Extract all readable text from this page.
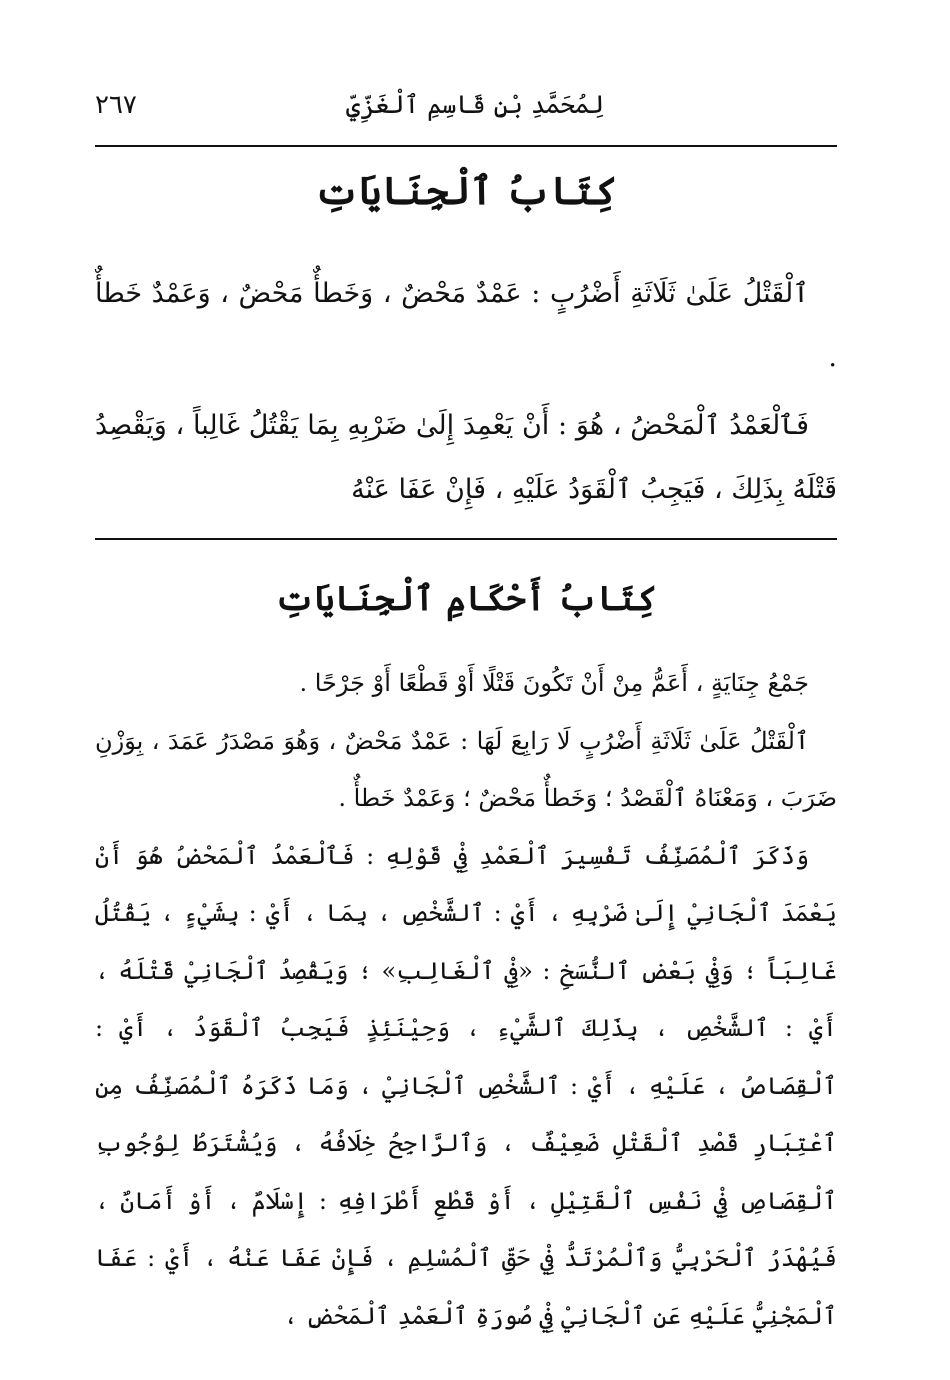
لِمُحَمَّدِ بْنِ قَاسِمِ ٱلْغَزِّيِّ
٢٦٧
كِتَابُ ٱلْجِنَايَاتِ

ٱلْقَتْلُ عَلَىٰ ثَلَاثَةِ أَضْرُبٍ : عَمْدٌ مَحْضٌ ، وَخَطأٌ مَحْضٌ ، وَعَمْدٌ خَطأٌ .

فَٱلْعَمْدُ ٱلْمَحْضُ ، هُوَ : أَنْ يَعْمِدَ إِلَىٰ ضَرْبِهِ بِمَا يَقْتُلُ غَالِباً ، وَيَقْصِدُ قَتْلَهُ بِذَلِكَ ، فَيَجِبُ ٱلْقَوَدُ عَلَيْهِ ، فَإِنْ عَفَا عَنْهُ

كِتَابُ أَحْكَامِ ٱلْجِنَايَاتِ

جَمْعُ جِنَايَةٍ ، أَعَمُّ مِنْ أَنْ تَكُونَ قَتْلًا أَوْ قَطْعًا أَوْ جَرْحًا .

ٱلْقَتْلُ عَلَىٰ ثَلَاثَةِ أَضْرُبٍ لَا رَابِعَ لَهَا : عَمْدٌ مَحْضٌ ، وَهُوَ مَصْدَرُ عَمَدَ ، بِوَزْنِ ضَرَبَ ، وَمَعْنَاهُ ٱلْقَصْدُ ؛ وَخَطأٌ مَحْضٌ ؛ وَعَمْدٌ خَطأٌ .

وَذَكَرَ ٱلْمُصَنِّفُ تَفْسِيرَ ٱلْعَمْدِ فِيْ قَوْلِهِ : فَٱلْعَمْدُ ٱلْمَحْضُ هُوَ أَنْ يَعْمَدَ ٱلْجَانِيْ إِلَىٰ ضَرْبِهِ ، أَيْ : ٱلشَّخْصِ ، بِمَا ، أَيْ : بِشَيْءٍ ، يَقْتُلُ غَالِبَاً ؛ وَفِيْ بَعْضِ ٱلنُّسَخِ : «فِيْ ٱلْغَالِبِ» ؛ وَيَقْصِدُ ٱلْجَانِيْ قَتْلَهُ ، أَيْ : ٱلشَّخْصِ ، بِذَلِكَ ٱلشَّيْءِ ، وَحِيْنَئِذٍ فَيَجِبُ ٱلْقَوَدُ ، أَيْ : ٱلْقِصَاصُ ، عَلَيْهِ ، أَيْ : ٱلشَّخْصِ ٱلْجَانِيْ ، وَمَا ذَكَرَهُ ٱلْمُصَنِّفُ مِن ٱعْتِبَارِ قَصْدِ ٱلْقَتْلِ ضَعِيْفٌ ، وَٱلرَّاجِحُ خِلَافُهُ ، وَيُشْتَرَطُ لِوُجُوبِ ٱلْقِصَاصِ فِيْ نَفْسِ ٱلْقَتِيْلِ ، أَوْ قَطْعِ أَطْرَافِهِ : إِسْلَامٌ ، أَوْ أَمَانٌ ، فَيُهْدَرُ ٱلْحَرْبِيُّ وَٱلْمُرْتَدُّ فِيْ حَقِّ ٱلْمُسْلِمِ ، فَإِنْ عَفَا عَنْهُ ، أَيْ : عَفَا ٱلْمَجْنِيُّ عَلَيْهِ عَنِ ٱلْجَانِيْ فِيْ صُورَةِ ٱلْعَمْدِ ٱلْمَحْضِ ،
